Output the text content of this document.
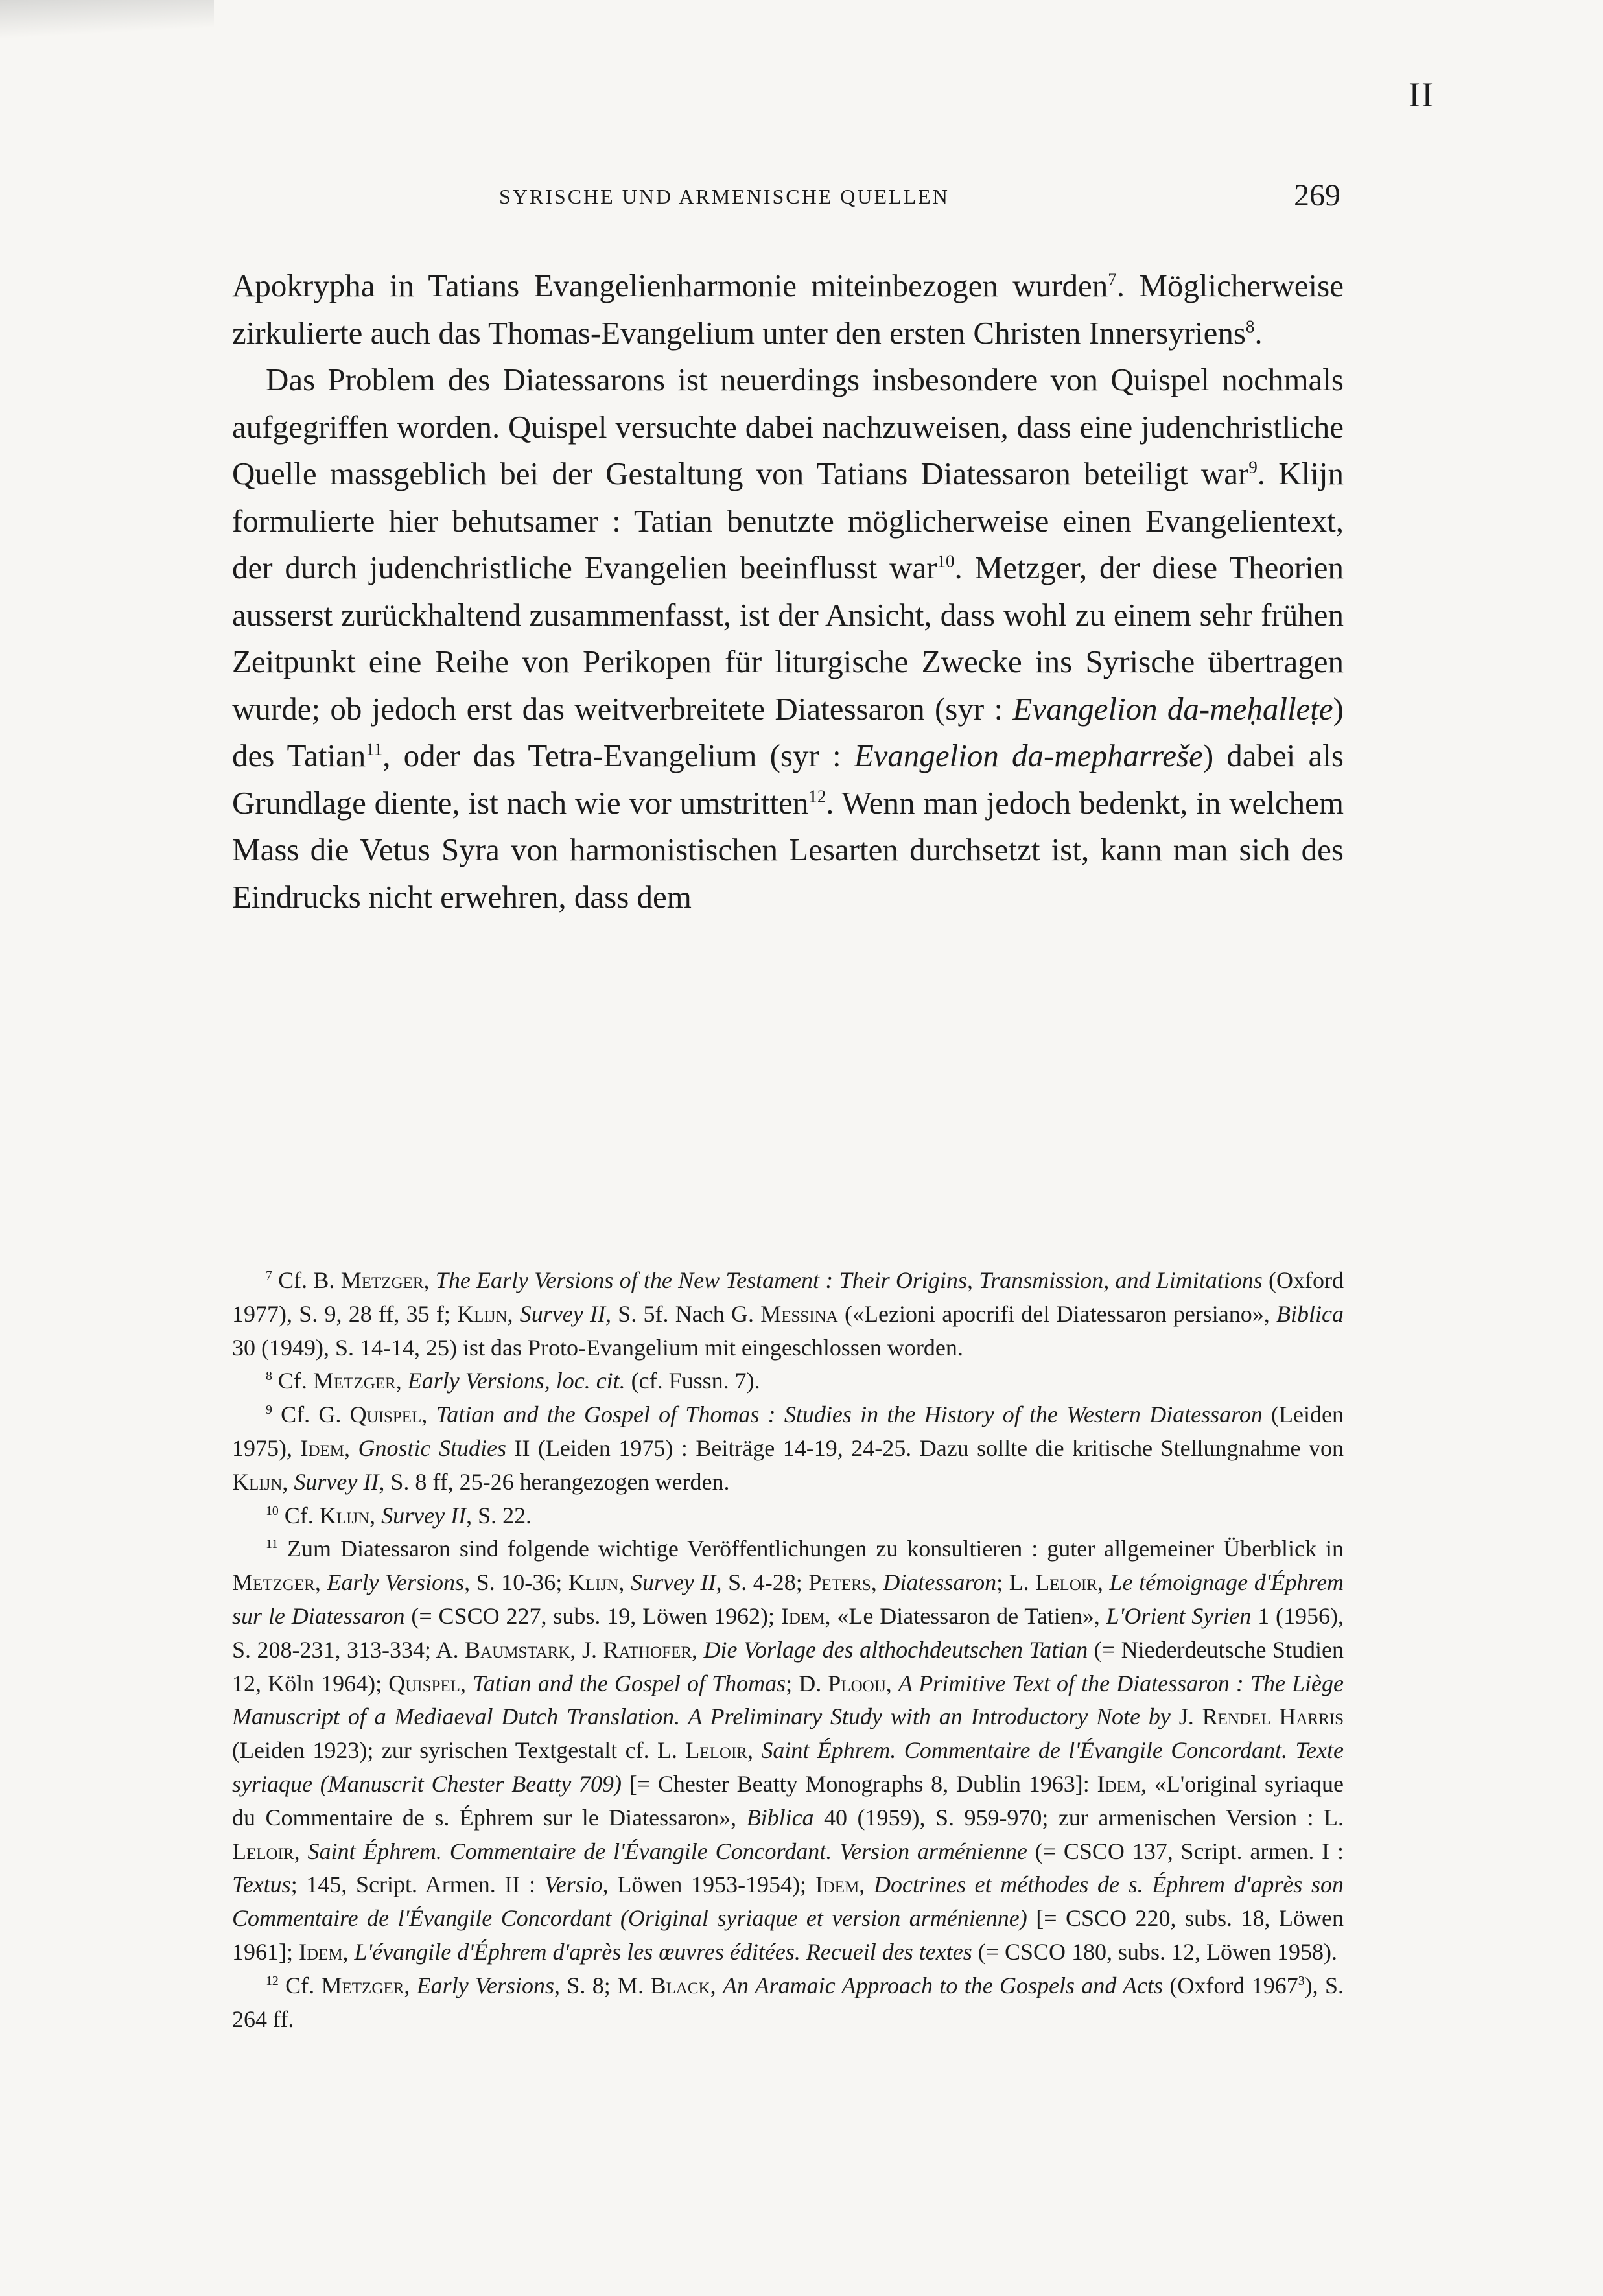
II
SYRISCHE UND ARMENISCHE QUELLEN	269

Apokrypha in Tatians Evangelienharmonie miteinbezogen wurden$^7$. Möglicherweise zirkulierte auch das Thomas-Evangelium unter den ersten Christen Innersyriens$^8$.

Das Problem des Diatessarons ist neuerdings insbesondere von Quispel nochmals aufgegriffen worden. Quispel versuchte dabei nachzuweisen, dass eine judenchristliche Quelle massgeblich bei der Gestaltung von Tatians Diatessaron beteiligt war$^9$. Klijn formulierte hier behutsamer : Tatian benutzte möglicherweise einen Evangelientext, der durch judenchristliche Evangelien beeinflusst war$^{10}$. Metzger, der diese Theorien ausserst zurückhaltend zusammenfasst, ist der Ansicht, dass wohl zu einem sehr frühen Zeitpunkt eine Reihe von Perikopen für liturgische Zwecke ins Syrische übertragen wurde; ob jedoch erst das weitverbreitete Diatessaron (syr : Evangelion da-meḥalleṭe) des Tatian$^{11}$, oder das Tetra-Evangelium (syr : Evangelion da-mepharreše) dabei als Grundlage diente, ist nach wie vor umstritten$^{12}$. Wenn man jedoch bedenkt, in welchem Mass die Vetus Syra von harmonistischen Lesarten durchsetzt ist, kann man sich des Eindrucks nicht erwehren, dass dem

$^7$ Cf. B. Metzger, The Early Versions of the New Testament : Their Origins, Transmission, and Limitations (Oxford 1977), S. 9, 28 ff, 35 f; Klijn, Survey II, S. 5f. Nach G. Messina («Lezioni apocrifi del Diatessaron persiano», Biblica 30 (1949), S. 14-14, 25) ist das Proto-Evangelium mit eingeschlossen worden.

$^8$ Cf. Metzger, Early Versions, loc. cit. (cf. Fussn. 7).

$^9$ Cf. G. Quispel, Tatian and the Gospel of Thomas : Studies in the History of the Western Diatessaron (Leiden 1975), Idem, Gnostic Studies II (Leiden 1975) : Beiträge 14-19, 24-25. Dazu sollte die kritische Stellungnahme von Klijn, Survey II, S. 8 ff, 25-26 herangezogen werden.

$^{10}$ Cf. Klijn, Survey II, S. 22.

$^{11}$ Zum Diatessaron sind folgende wichtige Veröffentlichungen zu konsultieren : guter allgemeiner Überblick in Metzger, Early Versions, S. 10-36; Klijn, Survey II, S. 4-28; Peters, Diatessaron; L. Leloir, Le témoignage d'Éphrem sur le Diatessaron (= CSCO 227, subs. 19, Löwen 1962); Idem, «Le Diatessaron de Tatien», L'Orient Syrien 1 (1956), S. 208-231, 313-334; A. Baumstark, J. Rathofer, Die Vorlage des althochdeutschen Tatian (= Niederdeutsche Studien 12, Köln 1964); Quispel, Tatian and the Gospel of Thomas; D. Plooij, A Primitive Text of the Diatessaron : The Liège Manuscript of a Mediaeval Dutch Translation. A Preliminary Study with an Introductory Note by J. Rendel Harris (Leiden 1923); zur syrischen Textgestalt cf. L. Leloir, Saint Éphrem. Commentaire de l'Évangile Concordant. Texte syriaque (Manuscrit Chester Beatty 709) [= Chester Beatty Monographs 8, Dublin 1963]: Idem, «L'original syriaque du Commentaire de s. Éphrem sur le Diatessaron», Biblica 40 (1959), S. 959-970; zur armenischen Version : L. Leloir, Saint Éphrem. Commentaire de l'Évangile Concordant. Version arménienne (= CSCO 137, Script. armen. I : Textus; 145, Script. Armen. II : Versio, Löwen 1953-1954); Idem, Doctrines et méthodes de s. Éphrem d'après son Commentaire de l'Évangile Concordant (Original syriaque et version arménienne) [= CSCO 220, subs. 18, Löwen 1961]; Idem, L'évangile d'Éphrem d'après les œuvres éditées. Recueil des textes (= CSCO 180, subs. 12, Löwen 1958).

$^{12}$ Cf. Metzger, Early Versions, S. 8; M. Black, An Aramaic Approach to the Gospels and Acts (Oxford 1967$^3$), S. 264 ff.
